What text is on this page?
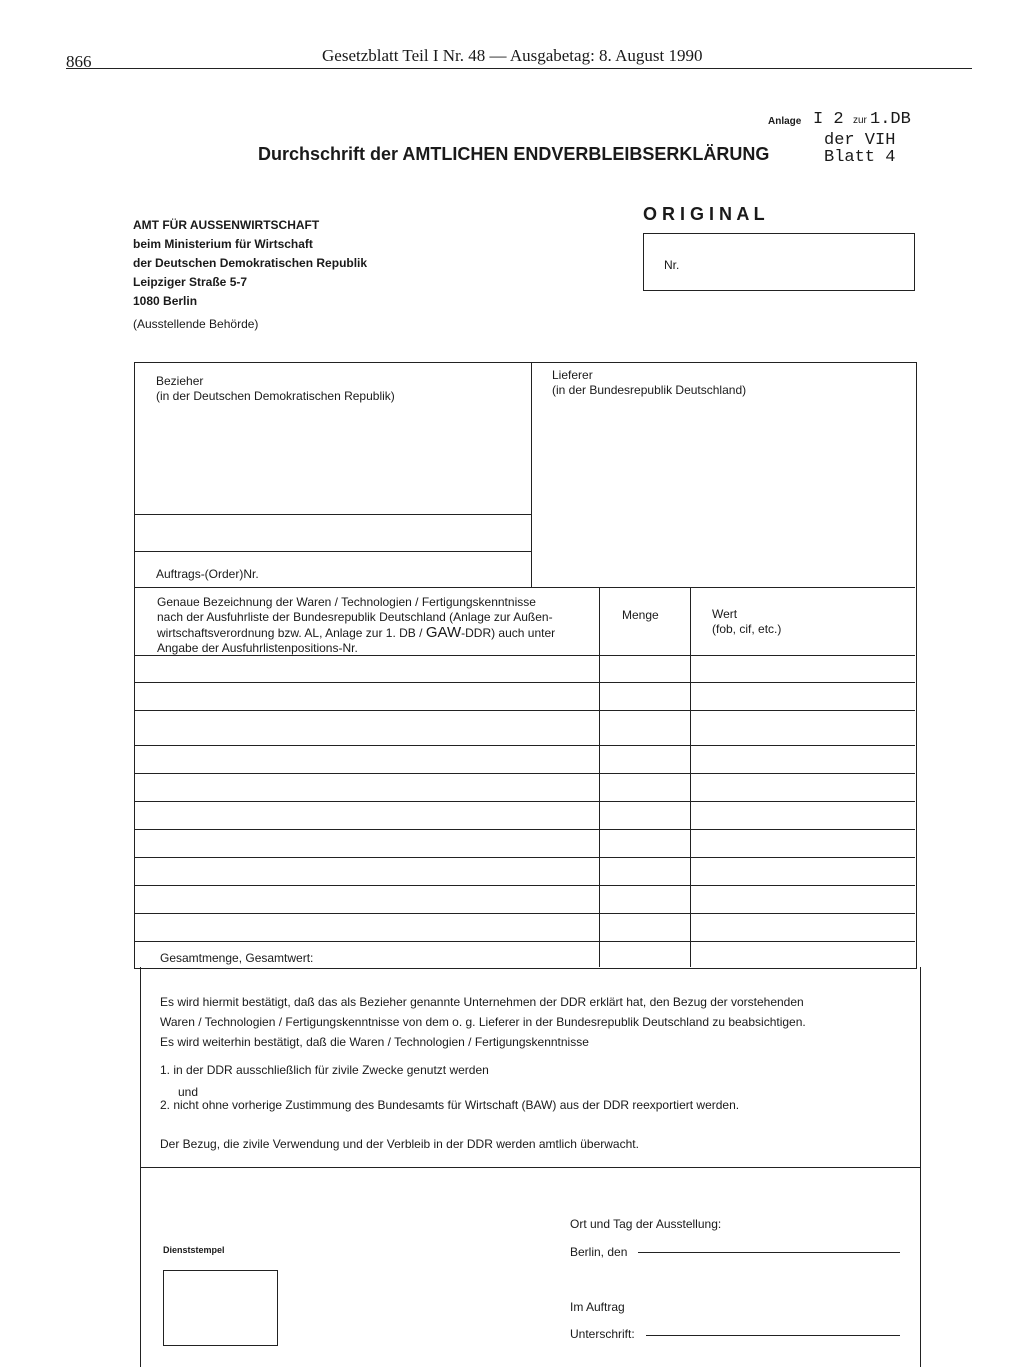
866	Gesetzblatt Teil I Nr. 48 — Ausgabetag: 8. August 1990
Anlage I 2 zur 1.DB
der VIH
Blatt 4
Durchschrift der AMTLICHEN ENDVERBLEIBSERKLÄRUNG
AMT FÜR AUSSENWIRTSCHAFT
beim Ministerium für Wirtschaft
der Deutschen Demokratischen Republik
Leipziger Straße 5-7
1080 Berlin
(Ausstellende Behörde)
O R I G I N A L
Nr.
Bezieher
(in der Deutschen Demokratischen Republik)
Lieferer
(in der Bundesrepublik Deutschland)
Auftrags-(Order)Nr.
Genaue Bezeichnung der Waren / Technologien / Fertigungskenntnisse
nach der Ausfuhrliste der Bundesrepublik Deutschland (Anlage zur Außen-
wirtschaftsverordnung bzw. AL, Anlage zur 1. DB / GAW-DDR) auch unter
Angabe der Ausfuhrlistenpositions-Nr.
Menge	Wert
(fob, cif, etc.)
Gesamtmenge, Gesamtwert:
Es wird hiermit bestätigt, daß das als Bezieher genannte Unternehmen der DDR erklärt hat, den Bezug der vorstehenden
Waren / Technologien / Fertigungskenntnisse von dem o. g. Lieferer in der Bundesrepublik Deutschland zu beabsichtigen.
Es wird weiterhin bestätigt, daß die Waren / Technologien / Fertigungskenntnisse
1. in der DDR ausschließlich für zivile Zwecke genutzt werden
und
2. nicht ohne vorherige Zustimmung des Bundesamts für Wirtschaft (BAW) aus der DDR reexportiert werden.
Der Bezug, die zivile Verwendung und der Verbleib in der DDR werden amtlich überwacht.
Ort und Tag der Ausstellung:
Berlin, den
Dienststempel
Im Auftrag
Unterschrift:
